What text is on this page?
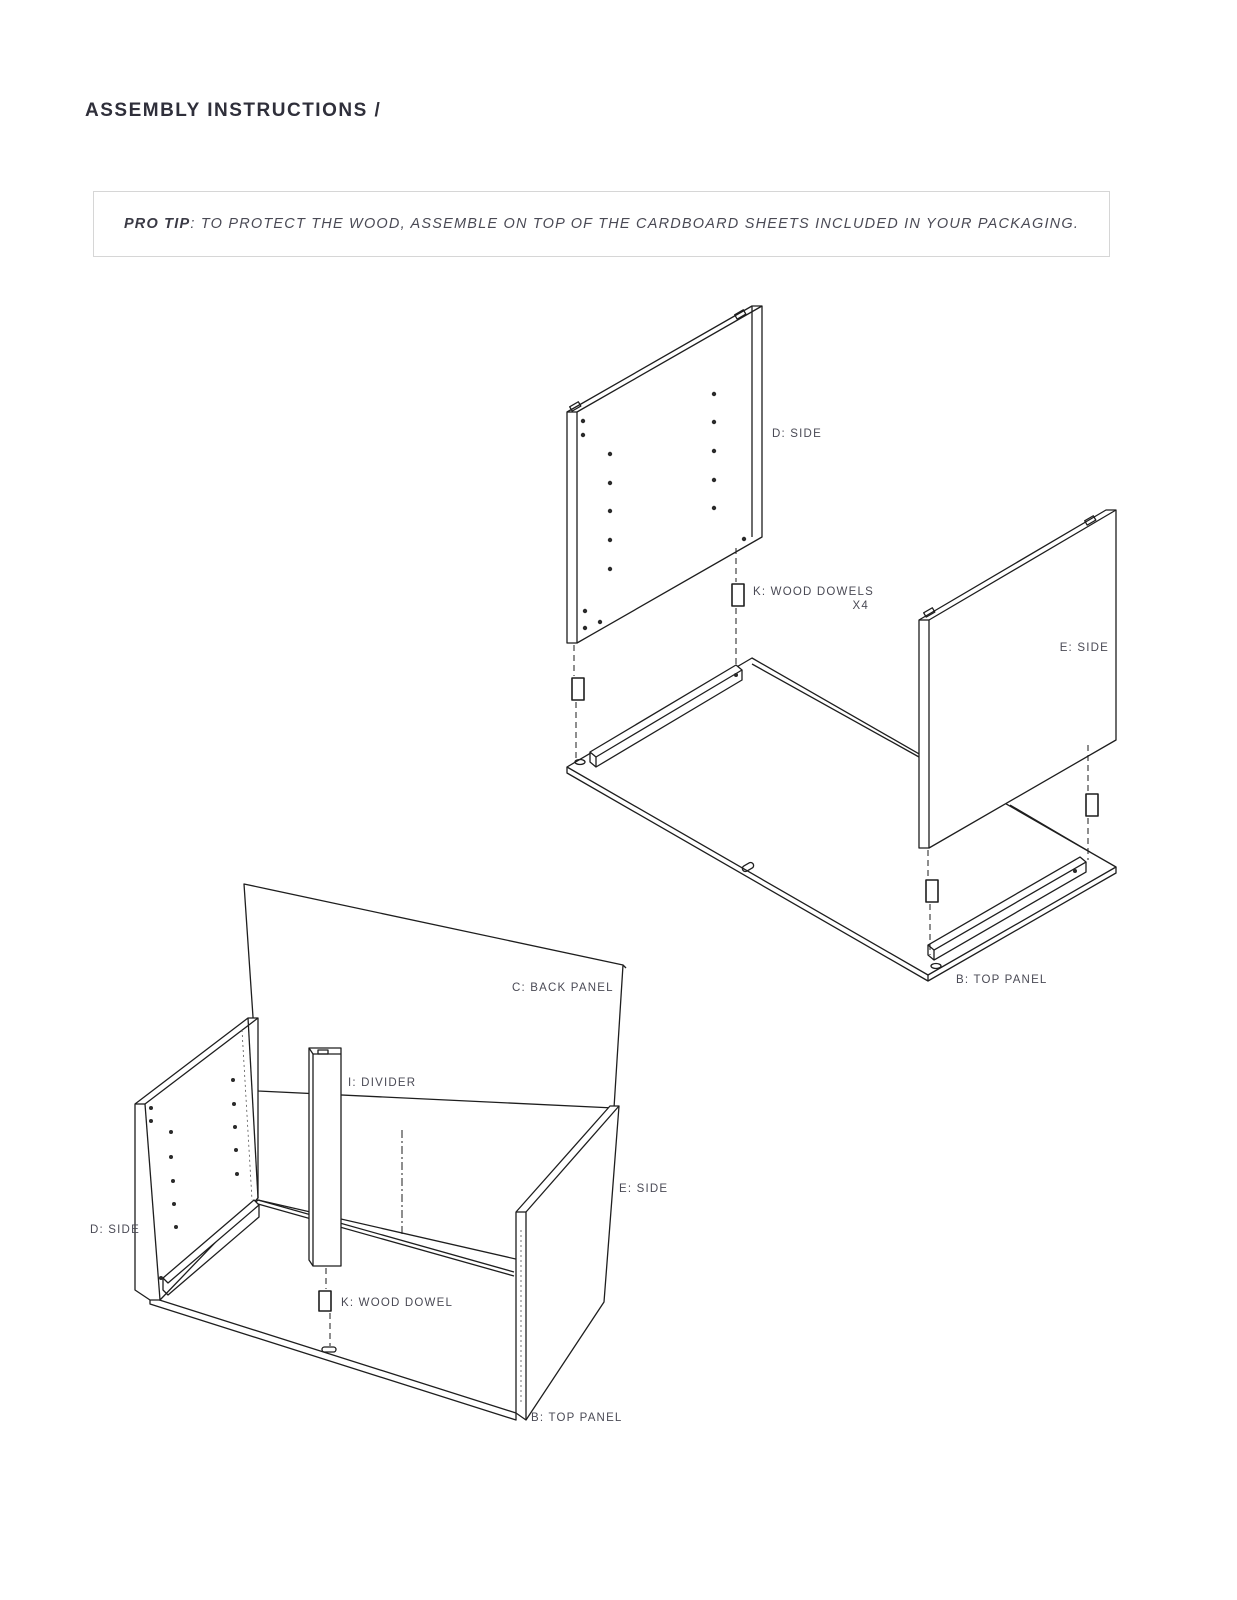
ASSEMBLY INSTRUCTIONS /
PRO TIP: TO PROTECT THE WOOD, ASSEMBLE ON TOP OF THE CARDBOARD SHEETS INCLUDED IN YOUR PACKAGING.
D: SIDE
K: WOOD DOWELS
X4
E: SIDE
B: TOP PANEL
C: BACK PANEL
I: DIVIDER
E: SIDE
D: SIDE
K: WOOD DOWEL
B: TOP PANEL
